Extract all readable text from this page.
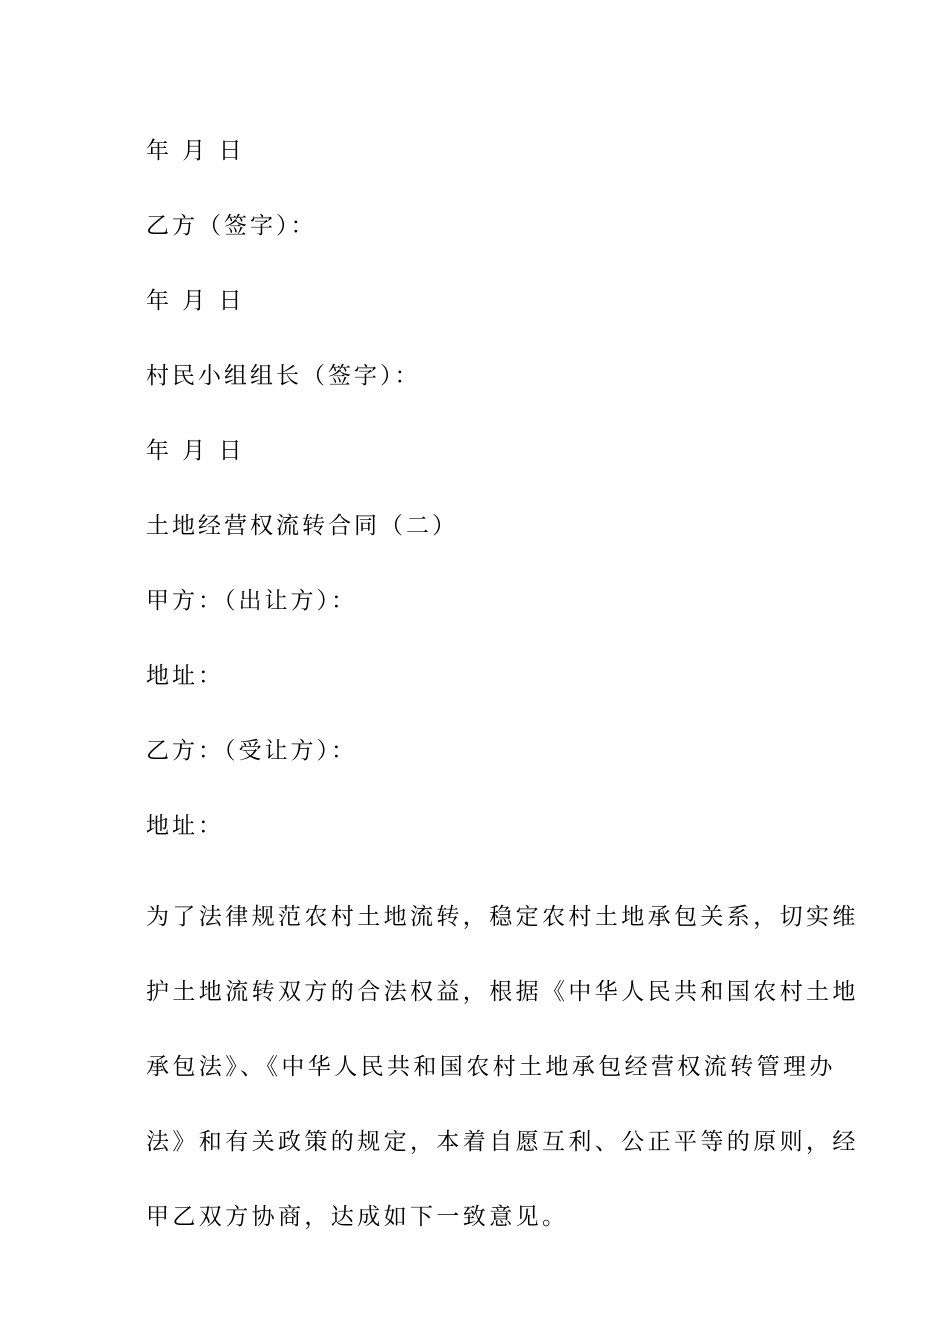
年 月 日
乙方（签字）：
年 月 日
村民小组组长（签字）：
年 月 日
土地经营权流转合同（二）
甲方：（出让方）：
地址：
乙方：（受让方）：
地址：
为了法律规范农村土地流转，稳定农村土地承包关系，切实维
护土地流转双方的合法权益，根据《中华人民共和国农村土地
承包法》、《中华人民共和国农村土地承包经营权流转管理办
法》和有关政策的规定，本着自愿互利、公正平等的原则，经
甲乙双方协商，达成如下一致意见。
